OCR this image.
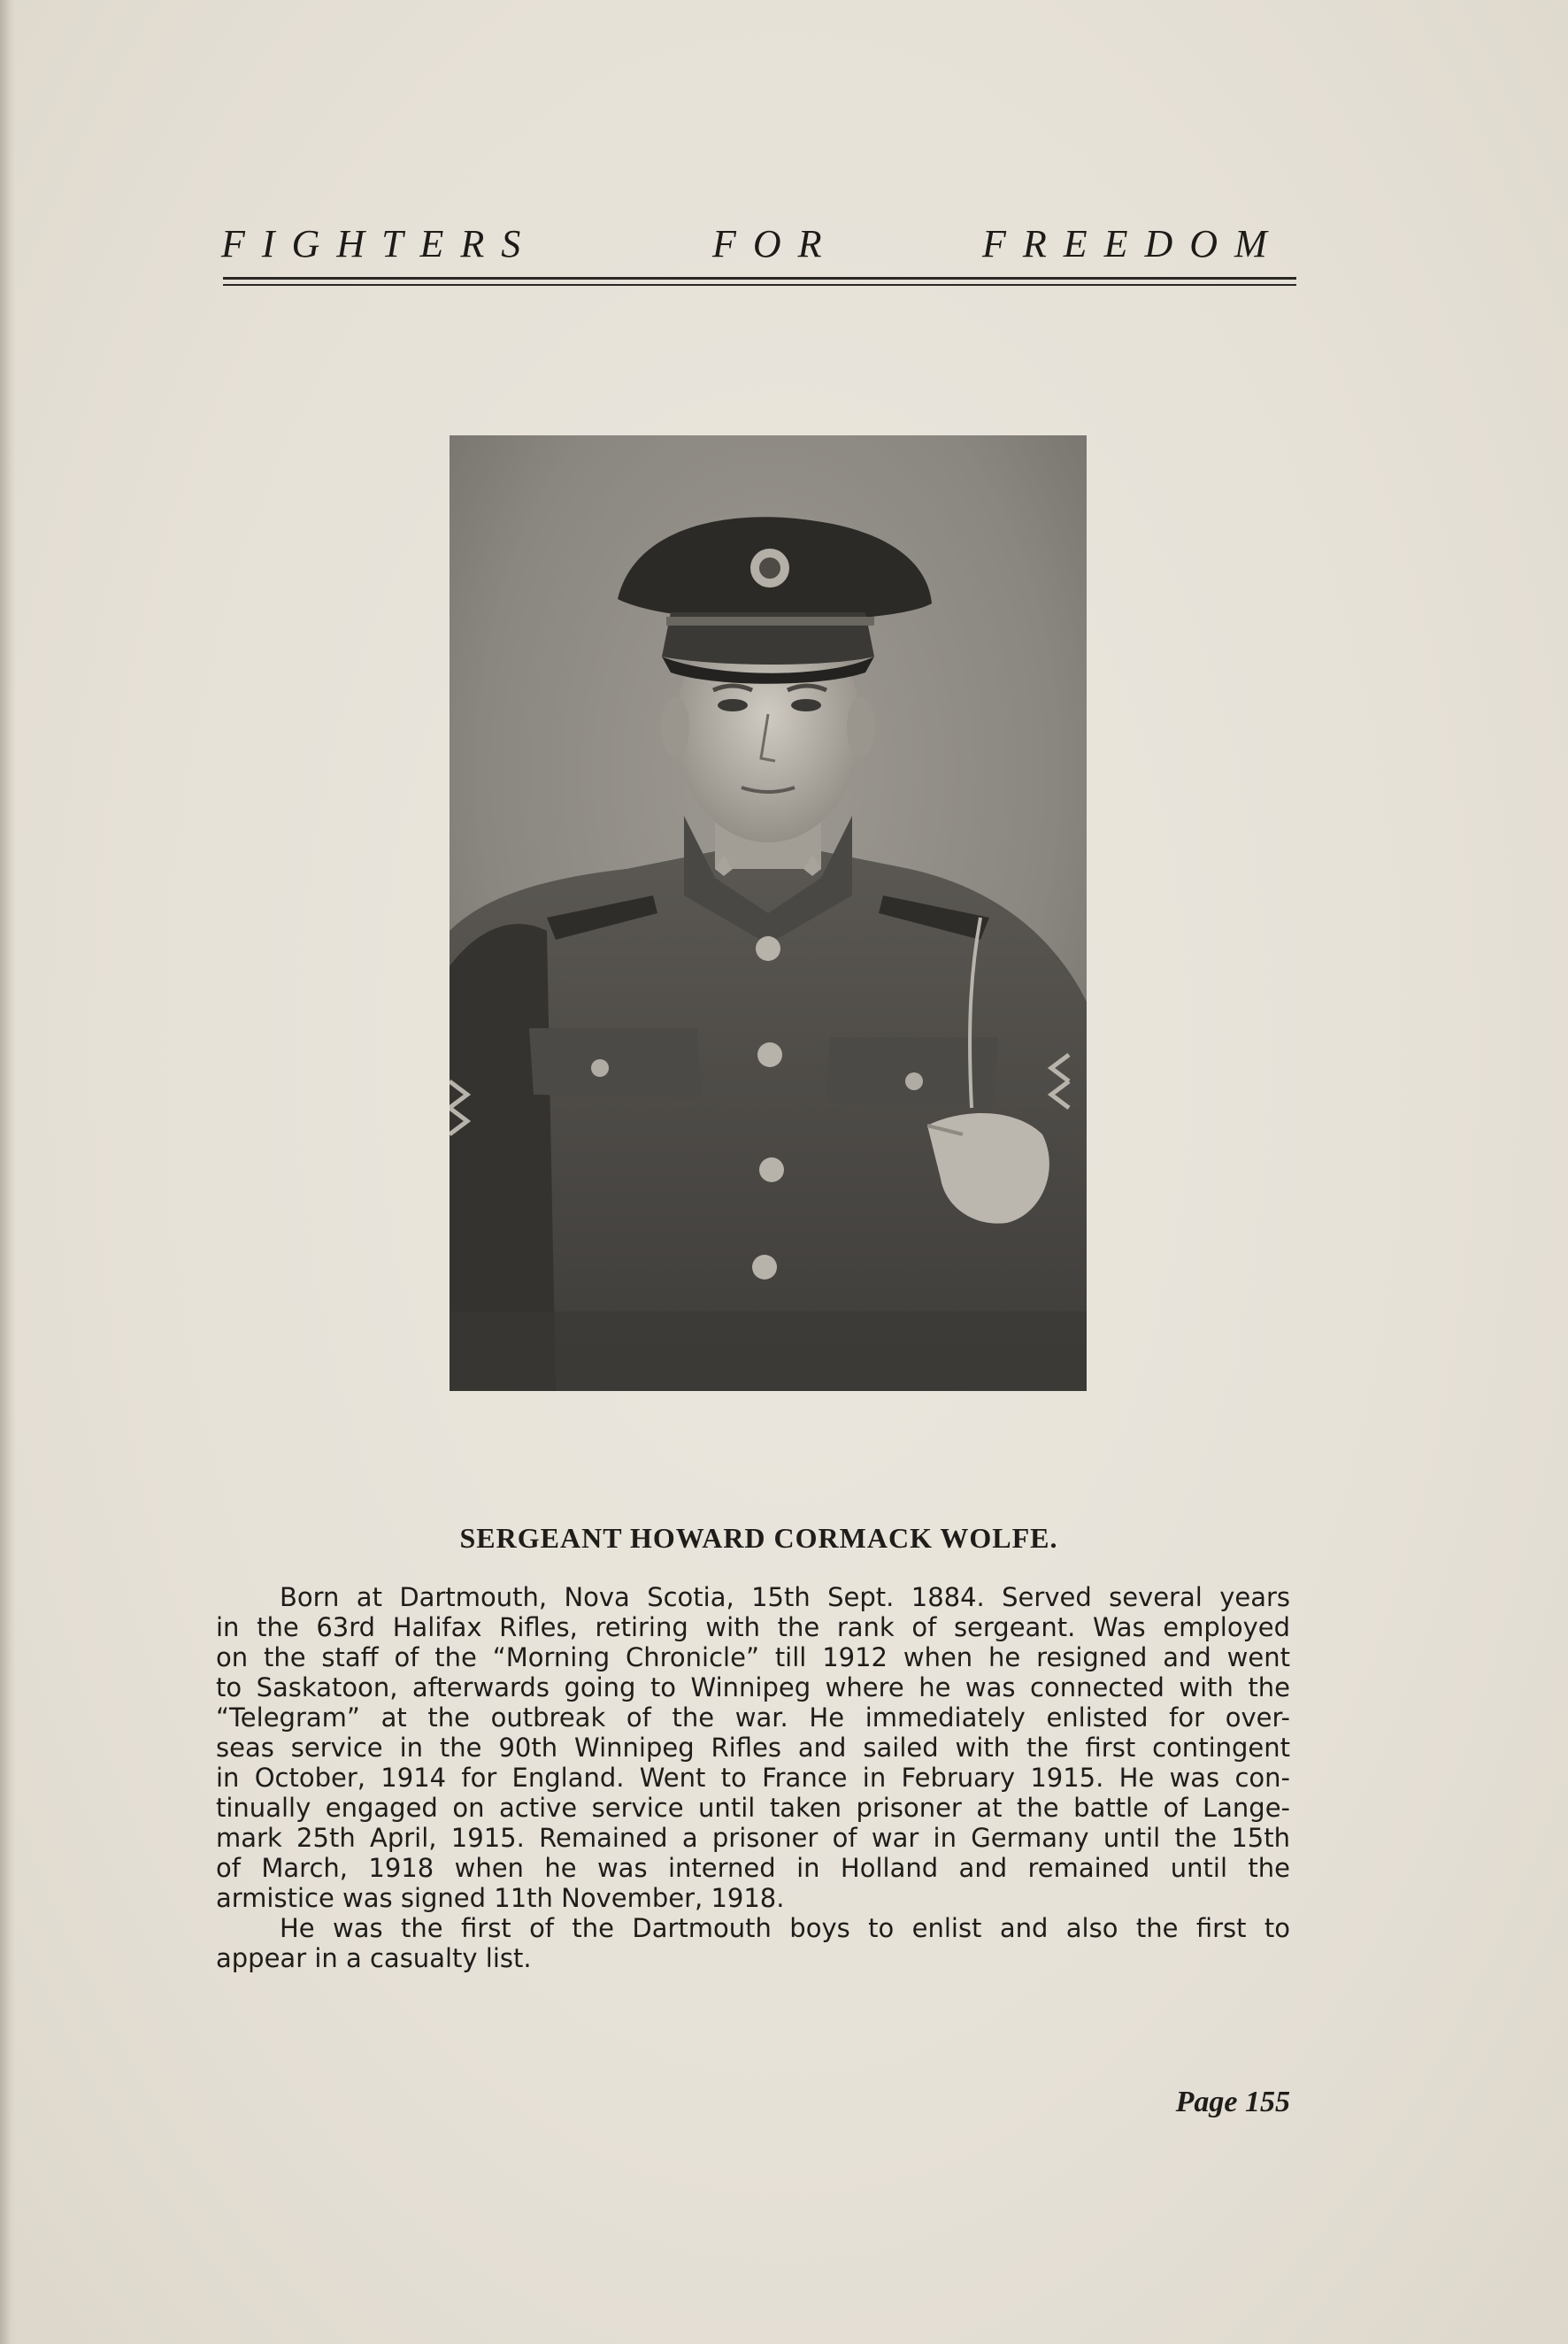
FIGHTERS	FOR	FREEDOM
SERGEANT HOWARD CORMACK WOLFE.
Born at Dartmouth, Nova Scotia, 15th Sept. 1884. Served several years
in the 63rd Halifax Rifles, retiring with the rank of sergeant. Was employed
on the staff of the “Morning Chronicle” till 1912 when he resigned and went
to Saskatoon, afterwards going to Winnipeg where he was connected with the
“Telegram” at the outbreak of the war. He immediately enlisted for over-
seas service in the 90th Winnipeg Rifles and sailed with the first contingent
in October, 1914 for England. Went to France in February 1915. He was con-
tinually engaged on active service until taken prisoner at the battle of Lange-
mark 25th April, 1915. Remained a prisoner of war in Germany until the 15th
of March, 1918 when he was interned in Holland and remained until the
armistice was signed 11th November, 1918.
He was the first of the Dartmouth boys to enlist and also the first to
appear in a casualty list.
Page 155
